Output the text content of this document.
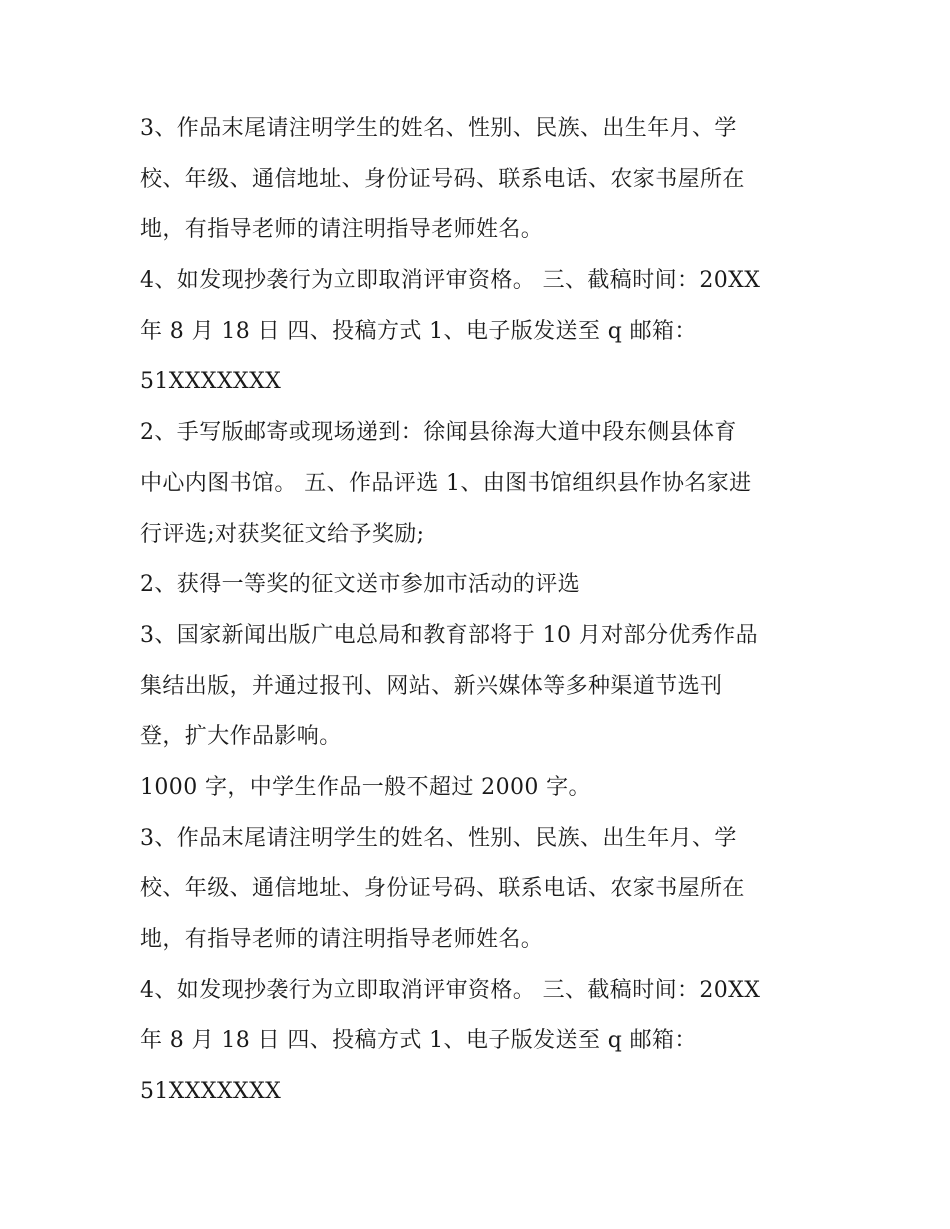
3、作品末尾请注明学生的姓名、性别、民族、出生年月、学
校、年级、通信地址、身份证号码、联系电话、农家书屋所在
地，有指导老师的请注明指导老师姓名。
4、如发现抄袭行为立即取消评审资格。 三、截稿时间：20XX
年 8 月 18 日 四、投稿方式 1、电子版发送至 q 邮箱：
51XXXXXXX
2、手写版邮寄或现场递到：徐闻县徐海大道中段东侧县体育
中心内图书馆。 五、作品评选 1、由图书馆组织县作协名家进
行评选;对获奖征文给予奖励;
2、获得一等奖的征文送市参加市活动的评选
3、国家新闻出版广电总局和教育部将于 10 月对部分优秀作品
集结出版，并通过报刊、网站、新兴媒体等多种渠道节选刊
登，扩大作品影响。
1000 字，中学生作品一般不超过 2000 字。
3、作品末尾请注明学生的姓名、性别、民族、出生年月、学
校、年级、通信地址、身份证号码、联系电话、农家书屋所在
地，有指导老师的请注明指导老师姓名。
4、如发现抄袭行为立即取消评审资格。 三、截稿时间：20XX
年 8 月 18 日 四、投稿方式 1、电子版发送至 q 邮箱：
51XXXXXXX
